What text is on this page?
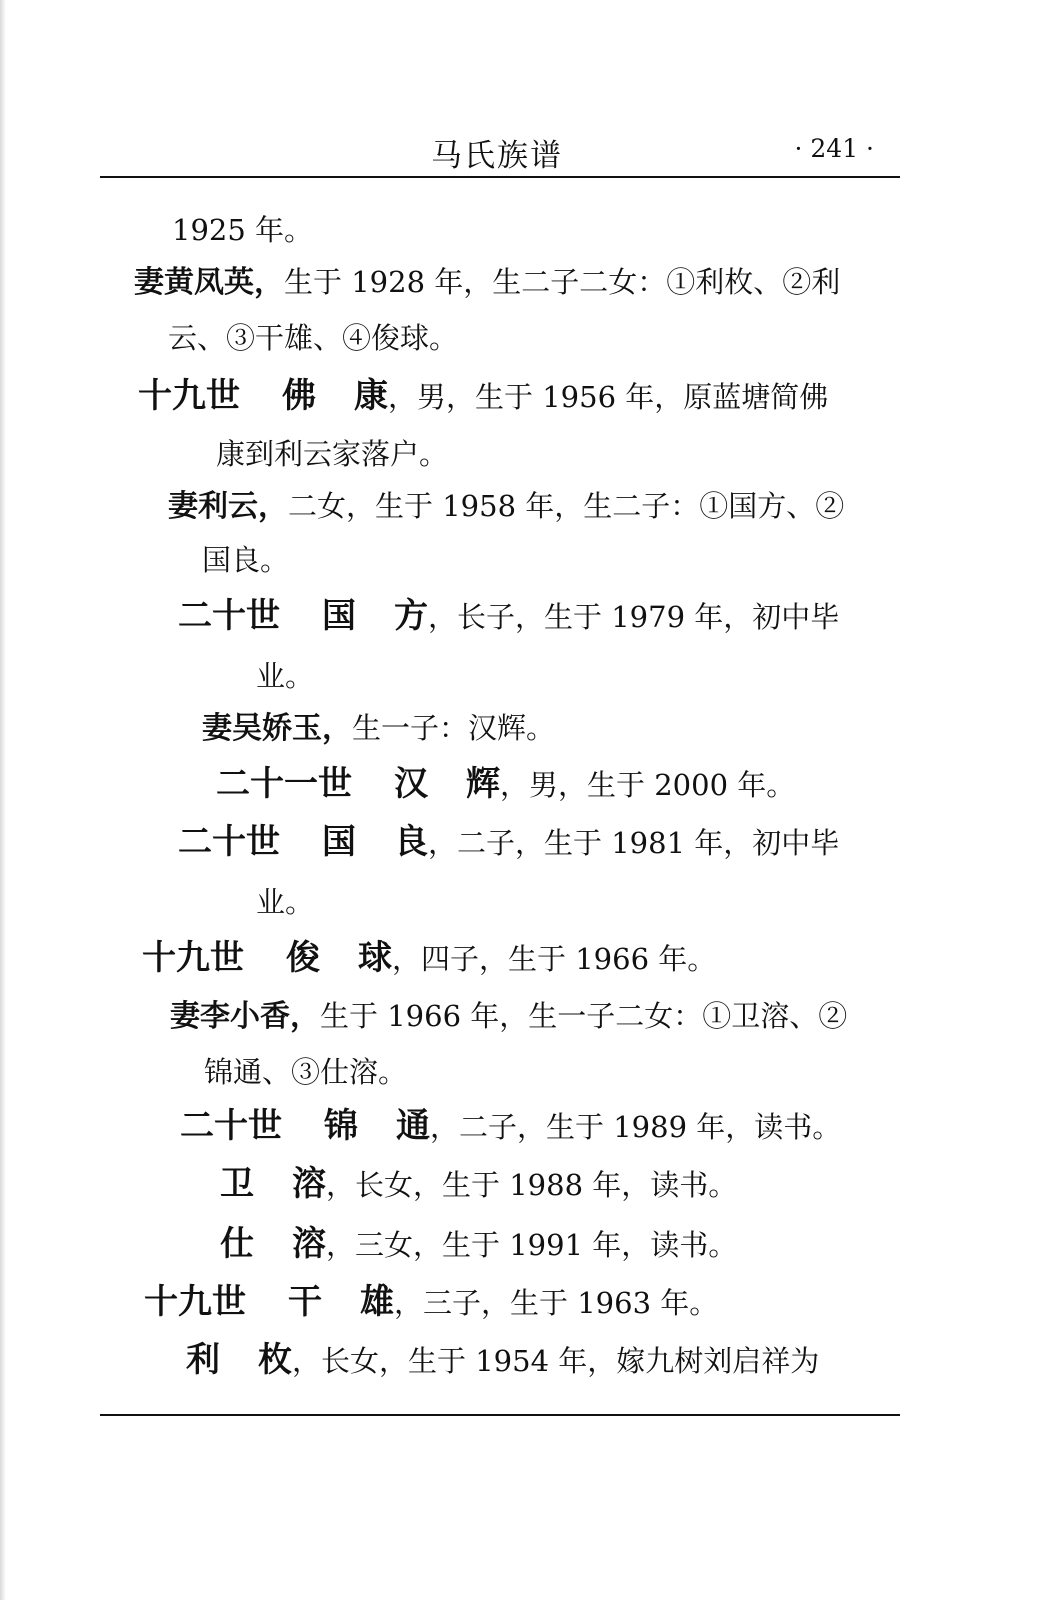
马氏族谱	· 241 ·
1925 年。
妻黄凤英，生于 1928 年，生二子二女：①利枚、②利
云、③干雄、④俊球。
十九世 佛 康，男，生于 1956 年，原蓝塘简佛
康到利云家落户。
妻利云，二女，生于 1958 年，生二子：①国方、②
国良。
二十世 国 方，长子，生于 1979 年，初中毕
业。
妻吴娇玉，生一子：汉辉。
二十一世 汉 辉，男，生于 2000 年。
二十世 国 良，二子，生于 1981 年，初中毕
业。
十九世 俊 球，四子，生于 1966 年。
妻李小香，生于 1966 年，生一子二女：①卫溶、②
锦通、③仕溶。
二十世 锦 通，二子，生于 1989 年，读书。
卫 溶，长女，生于 1988 年，读书。
仕 溶，三女，生于 1991 年，读书。
十九世 干 雄，三子，生于 1963 年。
利 枚，长女，生于 1954 年，嫁九树刘启祥为
